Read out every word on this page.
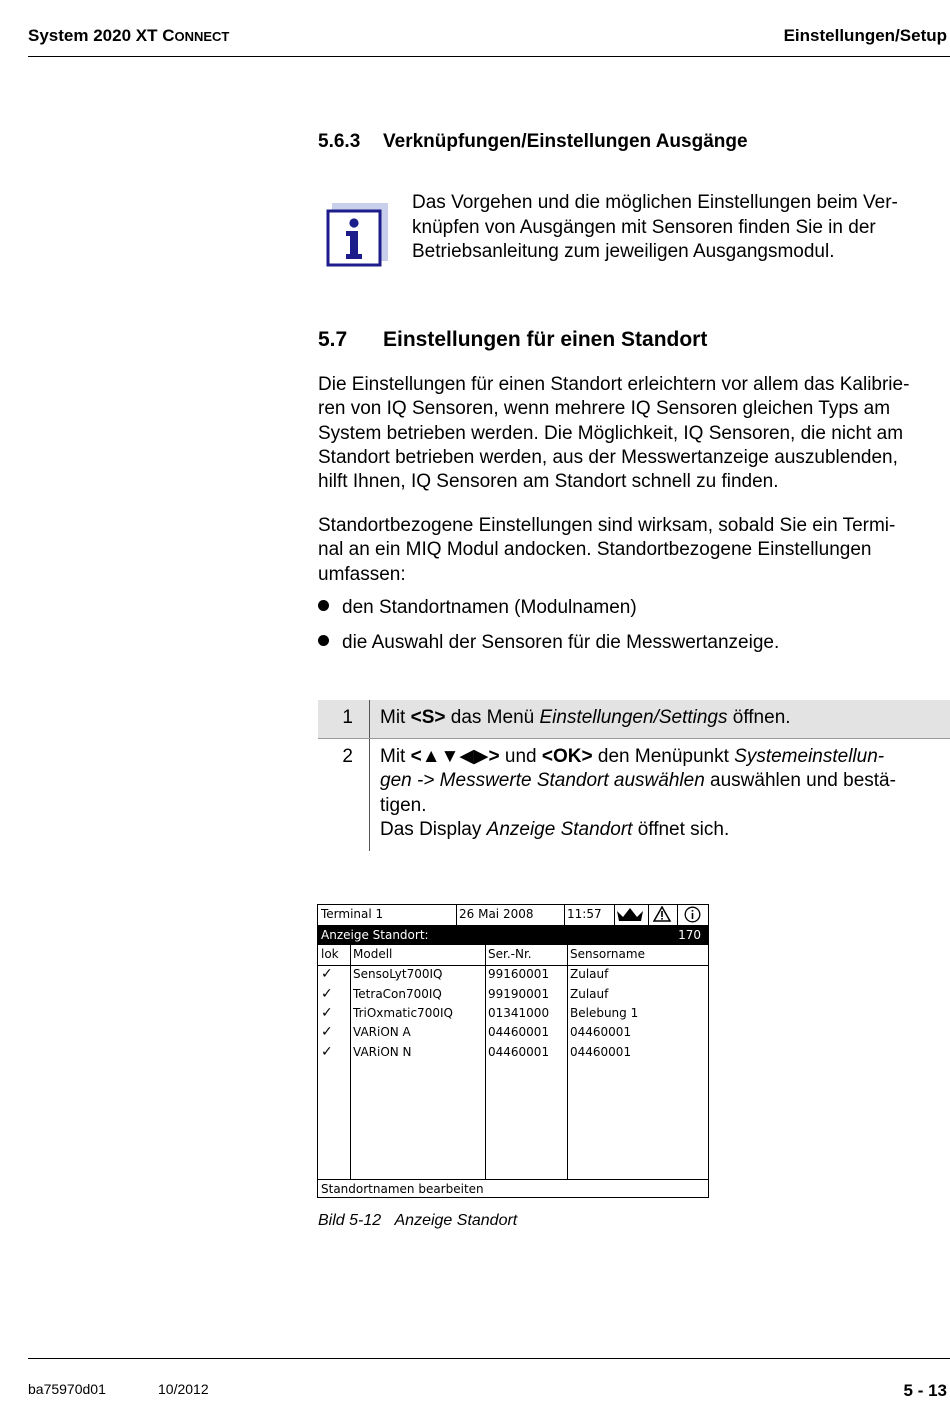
System 2020 XT CONNECT	Einstellungen/Setup
5.6.3 Verknüpfungen/Einstellungen Ausgänge
Das Vorgehen und die möglichen Einstellungen beim Ver-
knüpfen von Ausgängen mit Sensoren finden Sie in der
Betriebsanleitung zum jeweiligen Ausgangsmodul.
5.7 Einstellungen für einen Standort
Die Einstellungen für einen Standort erleichtern vor allem das Kalibrie-
ren von IQ Sensoren, wenn mehrere IQ Sensoren gleichen Typs am
System betrieben werden. Die Möglichkeit, IQ Sensoren, die nicht am
Standort betrieben werden, aus der Messwertanzeige auszublenden,
hilft Ihnen, IQ Sensoren am Standort schnell zu finden.
Standortbezogene Einstellungen sind wirksam, sobald Sie ein Termi-
nal an ein MIQ Modul andocken. Standortbezogene Einstellungen
umfassen:
den Standortnamen (Modulnamen)
die Auswahl der Sensoren für die Messwertanzeige.
1	Mit <S> das Menü Einstellungen/Settings öffnen.
2	Mit <▲▼◀▶> und <OK> den Menüpunkt Systemeinstellun-
gen -> Messwerte Standort auswählen auswählen und bestä-
tigen.
Das Display Anzeige Standort öffnet sich.
Terminal 1	26 Mai 2008	11:57
Anzeige Standort:	170
lok Modell	Ser.-Nr.	Sensorname
✓ SensoLyt700IQ	99160001 Zulauf
✓ TetraCon700IQ	99190001 Zulauf
✓ TriOxmatic700IQ	01341000 Belebung 1
✓ VARiON A	04460001 04460001
✓ VARiON N	04460001 04460001
Standortnamen bearbeiten
Bild 5-12 Anzeige Standort
ba75970d01	10/2012	5 - 13
